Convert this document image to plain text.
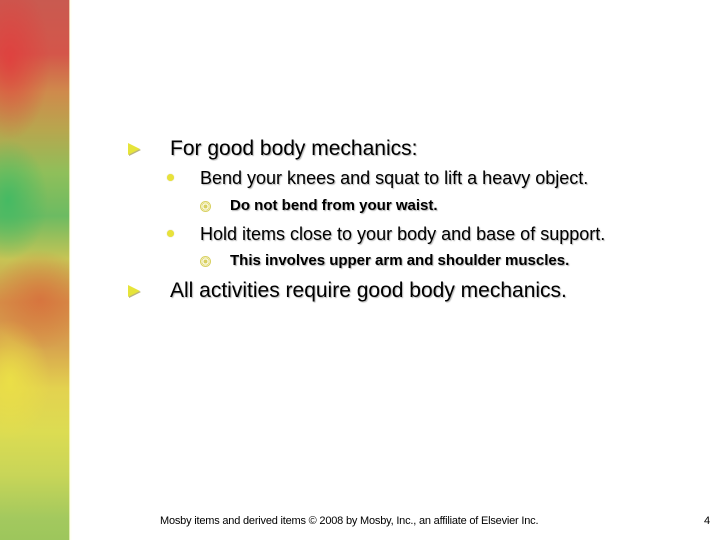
For good body mechanics:
Bend your knees and squat to lift a heavy object.
Do not bend from your waist.
Hold items close to your body and base of support.
This involves upper arm and shoulder muscles.
All activities require good body mechanics.
Mosby items and derived items © 2008 by Mosby, Inc., an affiliate of Elsevier Inc.	4
